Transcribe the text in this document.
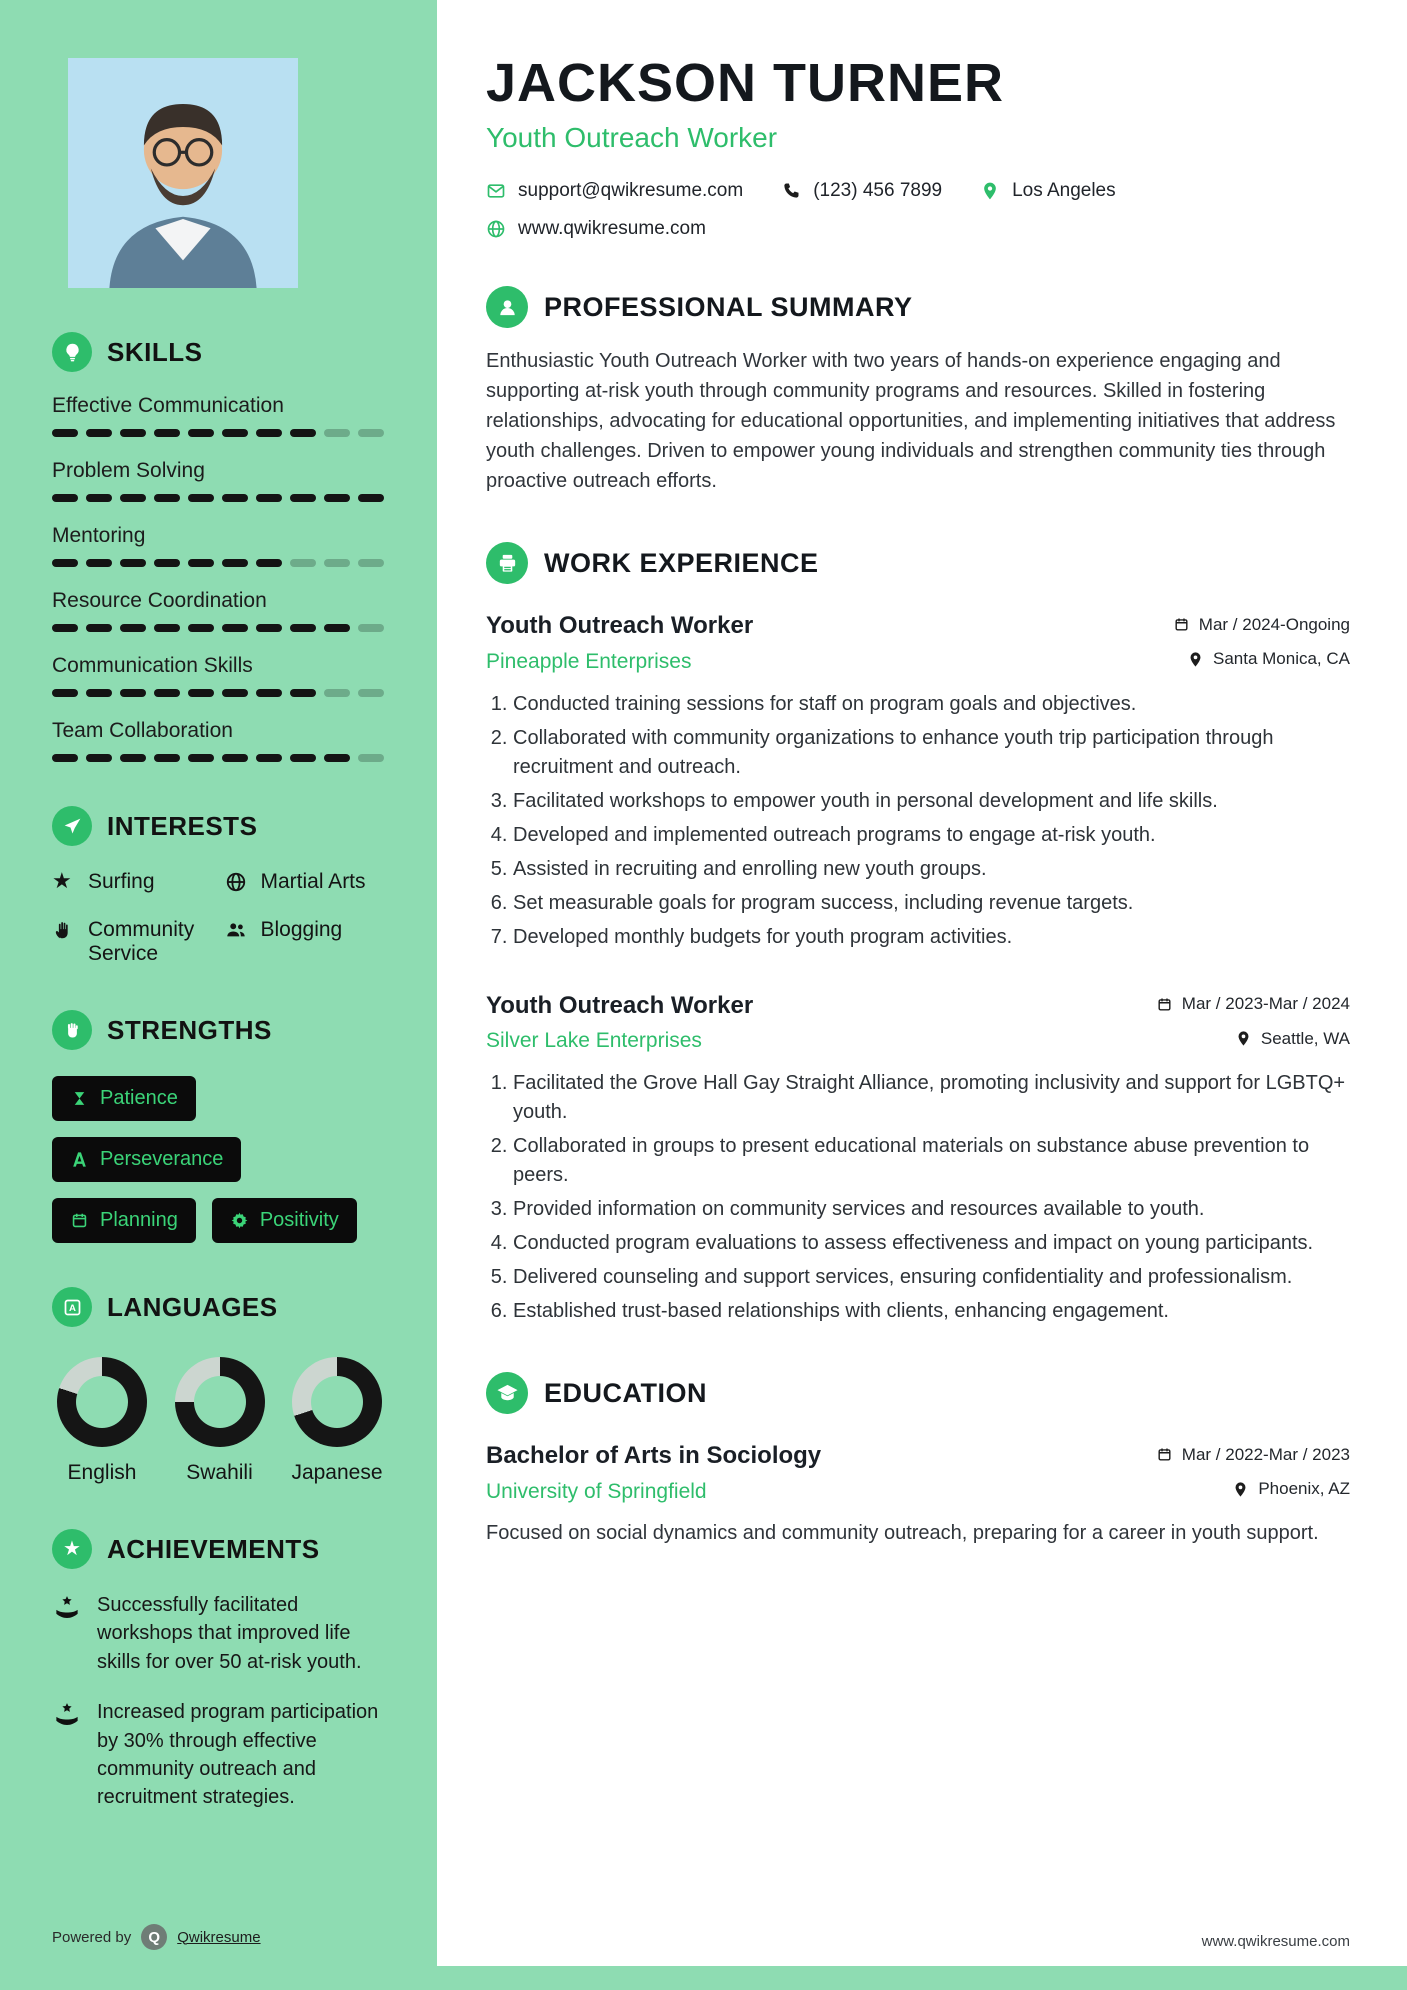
SKILLS
Effective Communication
Problem Solving
Mentoring
Resource Coordination
Communication Skills
Team Collaboration
INTERESTS
★ Surfing	Martial Arts
Community Service
Blogging
STRENGTHS
Patience
Perseverance
Planning	Positivity
A LANGUAGES
English Swahili Japanese
★ ACHIEVEMENTS

Successfully facilitated workshops that improved life skills for over 50 at-risk youth.

Increased program participation by 30% through effective community outreach and recruitment strategies.

Powered by	Q	Qwikresume
JACKSON TURNER
Youth Outreach Worker
support@qwikresume.com	(123) 456 7899	Los Angeles
www.qwikresume.com
PROFESSIONAL SUMMARY

Enthusiastic Youth Outreach Worker with two years of hands-on experience engaging and supporting at-risk youth through community programs and resources. Skilled in fostering relationships, advocating for educational opportunities, and implementing initiatives that address youth challenges. Driven to empower young individuals and strengthen community ties through proactive outreach efforts.

WORK EXPERIENCE
Youth Outreach Worker	Mar / 2024-Ongoing
Pineapple Enterprises	Santa Monica, CA
1. Conducted training sessions for staff on program goals and objectives.
2. Collaborated with community organizations to enhance youth trip participation through recruitment and outreach.
3. Facilitated workshops to empower youth in personal development and life skills.
4. Developed and implemented outreach programs to engage at-risk youth.
5. Assisted in recruiting and enrolling new youth groups.
6. Set measurable goals for program success, including revenue targets.
7. Developed monthly budgets for youth program activities.
Youth Outreach Worker	Mar / 2023-Mar / 2024
Silver Lake Enterprises	Seattle, WA
1. Facilitated the Grove Hall Gay Straight Alliance, promoting inclusivity and support for LGBTQ+ youth.
2. Collaborated in groups to present educational materials on substance abuse prevention to peers.
3. Provided information on community services and resources available to youth.
4. Conducted program evaluations to assess effectiveness and impact on young participants.
5. Delivered counseling and support services, ensuring confidentiality and professionalism.
6. Established trust-based relationships with clients, enhancing engagement.
EDUCATION
Bachelor of Arts in Sociology	Mar / 2022-Mar / 2023
University of Springfield	Phoenix, AZ

Focused on social dynamics and community outreach, preparing for a career in youth support.

www.qwikresume.com
